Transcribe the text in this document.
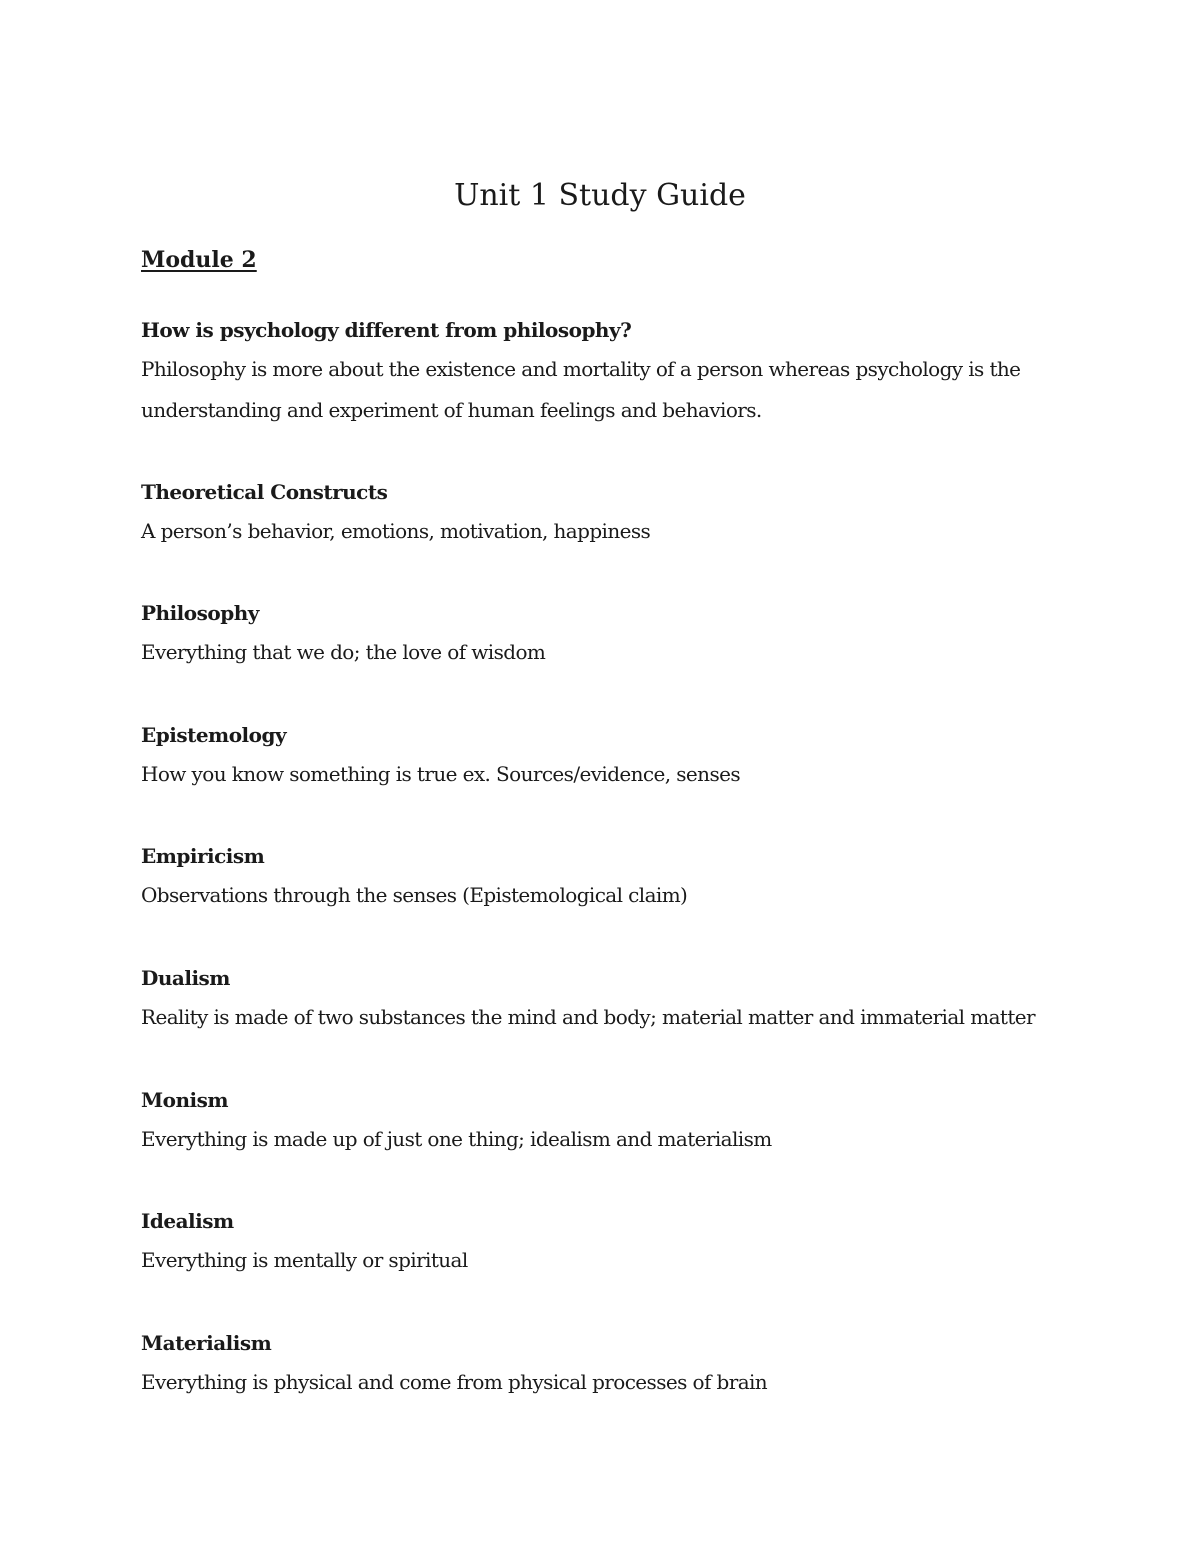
Unit 1 Study Guide
Module 2

How is psychology different from philosophy?

Philosophy is more about the existence and mortality of a person whereas psychology is the

understanding and experiment of human feelings and behaviors.

Theoretical Constructs

A person’s behavior, emotions, motivation, happiness

Philosophy

Everything that we do; the love of wisdom

Epistemology

How you know something is true ex. Sources/evidence, senses

Empiricism

Observations through the senses (Epistemological claim)

Dualism

Reality is made of two substances the mind and body; material matter and immaterial matter

Monism

Everything is made up of just one thing; idealism and materialism

Idealism

Everything is mentally or spiritual

Materialism

Everything is physical and come from physical processes of brain
